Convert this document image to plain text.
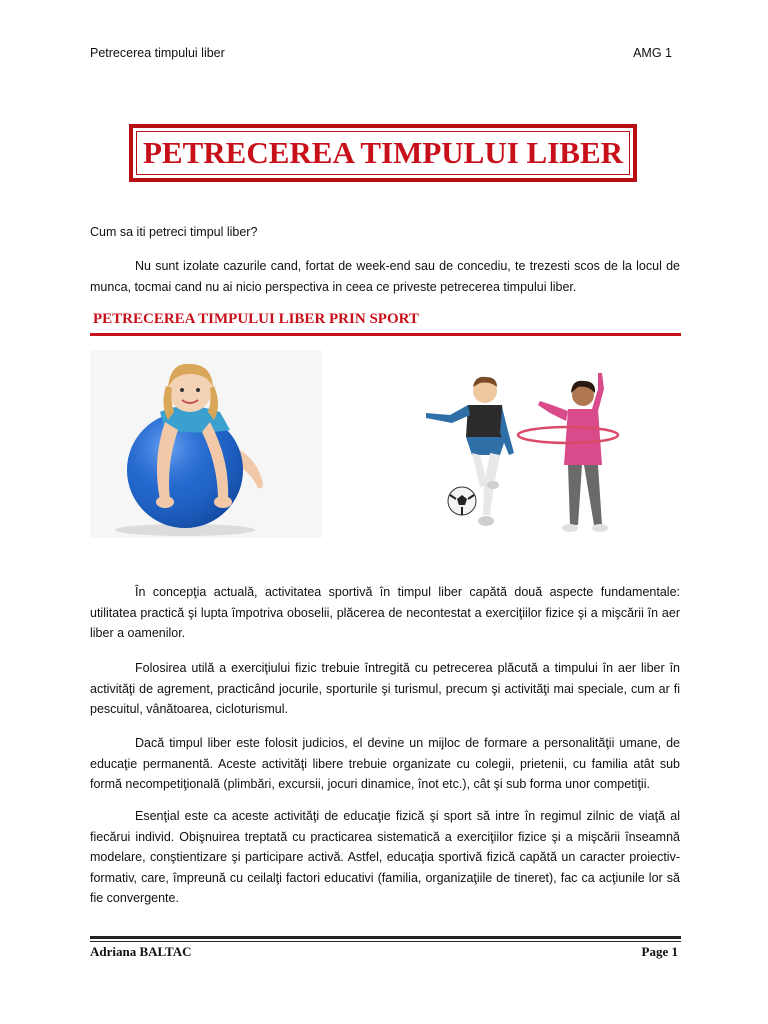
Petrecerea timpului liber	AMG 1
PETRECEREA TIMPULUI LIBER
Cum sa iti petreci timpul liber?
Nu sunt izolate cazurile cand, fortat de week-end sau de concediu, te trezesti scos de la locul de munca, tocmai cand nu ai nicio perspectiva in ceea ce priveste petrecerea timpului liber.
PETRECEREA TIMPULUI LIBER PRIN SPORT
În concepţia actuală, activitatea sportivă în timpul liber capătă două aspecte fundamentale: utilitatea practică şi lupta împotriva oboselii, plăcerea de necontestat a exerciţiilor fizice şi a mişcării în aer liber a oamenilor.
Folosirea utilă a exerciţiului fizic trebuie întregită cu petrecerea plăcută a timpului în aer liber în activităţi de agrement, practicând jocurile, sporturile şi turismul, precum şi activităţi mai speciale, cum ar fi pescuitul, vânătoarea, cicloturismul.
Dacă timpul liber este folosit judicios, el devine un mijloc de formare a personalităţii umane, de educaţie permanentă. Aceste activităţi libere trebuie organizate cu colegii, prietenii, cu familia atât sub formă necompetiţională (plimbări, excursii, jocuri dinamice, înot etc.), cât şi sub forma unor competiţii.
Esenţial este ca aceste activităţi de educaţie fizică şi sport să intre în regimul zilnic de viaţă al fiecărui individ. Obişnuirea treptată cu practicarea sistematică a exerciţiilor fizice şi a mişcării înseamnă modelare, conştientizare şi participare activă. Astfel, educaţia sportivă fizică capătă un caracter proiectiv-formativ, care, împreună cu ceilalţi factori educativi (familia, organizaţiile de tineret), fac ca acţiunile lor să fie convergente.
Adriana BALTAC	Page 1
